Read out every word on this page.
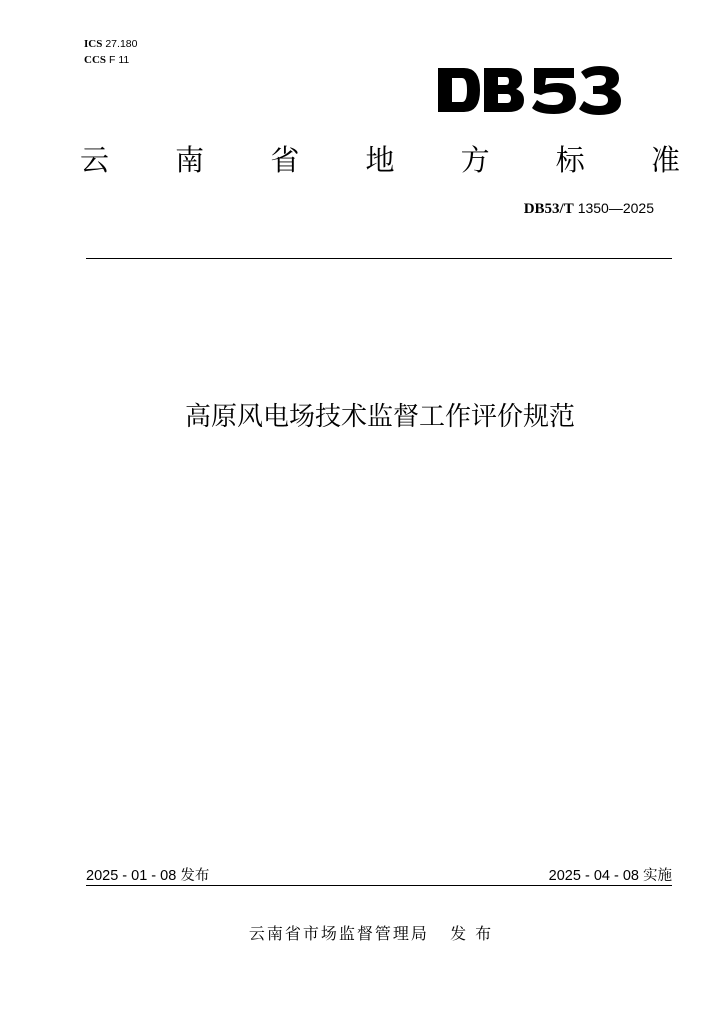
ICS 27.180
CCS F 11
云 南 省 地 方 标 准
DB53/T 1350—2025
高原风电场技术监督工作评价规范
2025 - 01 - 08 发布	2025 - 04 - 08 实施
云南省市场监督管理局 发 布
